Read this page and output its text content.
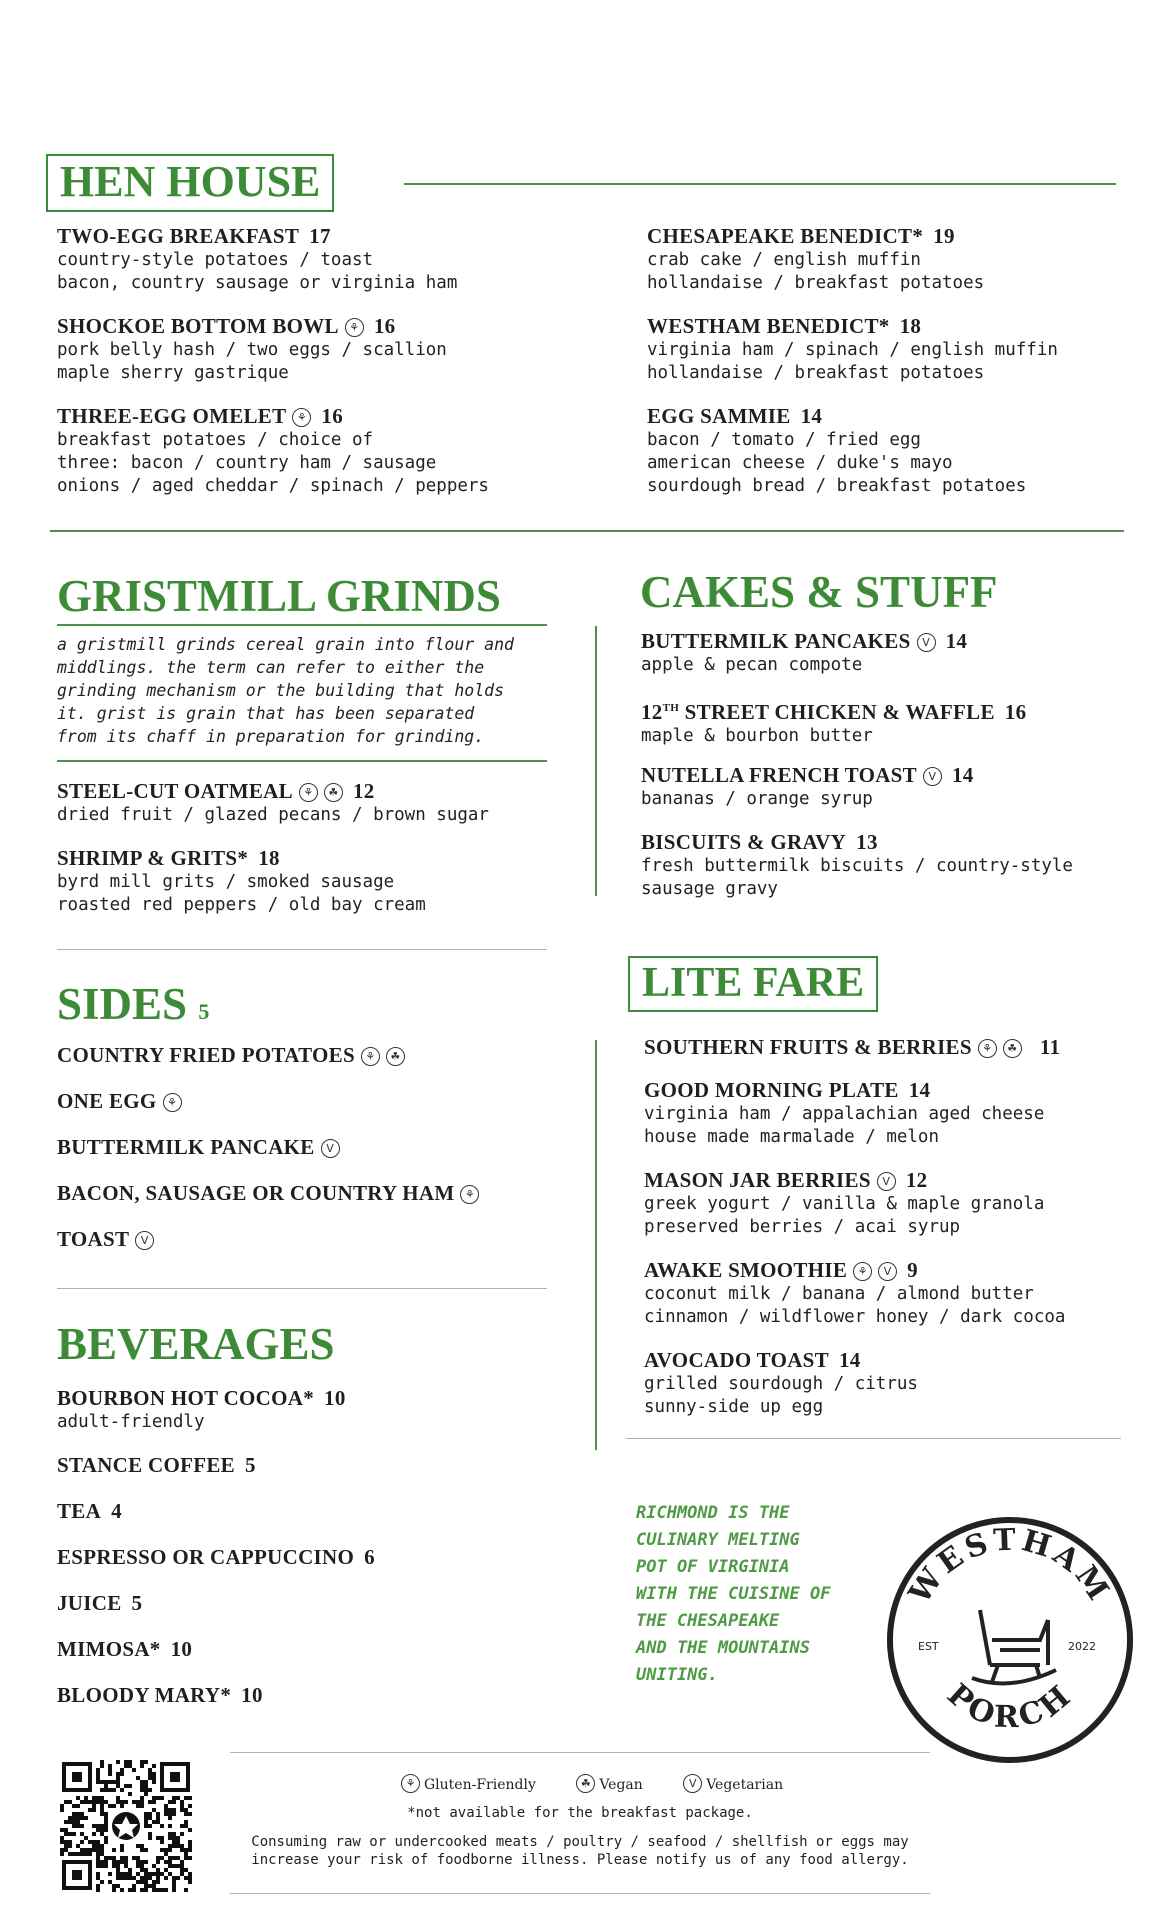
HEN HOUSE
TWO-EGG BREAKFAST 17
country-style potatoes / toast
bacon, country sausage or virginia ham
SHOCKOE BOTTOM BOWL ⚘ 16
pork belly hash / two eggs / scallion
maple sherry gastrique
THREE-EGG OMELET ⚘ 16
breakfast potatoes / choice of
three: bacon / country ham / sausage
onions / aged cheddar / spinach / peppers
CHESAPEAKE BENEDICT* 19
crab cake / english muffin
hollandaise / breakfast potatoes
WESTHAM BENEDICT* 18
virginia ham / spinach / english muffin
hollandaise / breakfast potatoes
EGG SAMMIE 14
bacon / tomato / fried egg
american cheese / duke's mayo
sourdough bread / breakfast potatoes
GRISTMILL GRINDS
a gristmill grinds cereal grain into flour and
middlings. the term can refer to either the
grinding mechanism or the building that holds
it. grist is grain that has been separated
from its chaff in preparation for grinding.
STEEL-CUT OATMEAL ⚘ ☘ 12
dried fruit / glazed pecans / brown sugar
SHRIMP & GRITS* 18
byrd mill grits / smoked sausage
roasted red peppers / old bay cream
CAKES & STUFF
BUTTERMILK PANCAKES V 14
apple & pecan compote
12TH STREET CHICKEN & WAFFLE 16
maple & bourbon butter
NUTELLA FRENCH TOAST V 14
bananas / orange syrup
BISCUITS & GRAVY 13
fresh buttermilk biscuits / country-style
sausage gravy
SIDES 5
COUNTRY FRIED POTATOES ⚘ ☘
ONE EGG ⚘
BUTTERMILK PANCAKE V
BACON, SAUSAGE OR COUNTRY HAM ⚘
TOAST V
BEVERAGES
BOURBON HOT COCOA* 10
adult-friendly
STANCE COFFEE 5
TEA 4
ESPRESSO OR CAPPUCCINO 6
JUICE 5
MIMOSA* 10
BLOODY MARY* 10
LITE FARE
SOUTHERN FRUITS & BERRIES ⚘ ☘ 11
GOOD MORNING PLATE 14
virginia ham / appalachian aged cheese
house made marmalade / melon
MASON JAR BERRIES V 12
greek yogurt / vanilla & maple granola
preserved berries / acai syrup
AWAKE SMOOTHIE ⚘ V 9
coconut milk / banana / almond butter
cinnamon / wildflower honey / dark cocoa
AVOCADO TOAST 14
grilled sourdough / citrus
sunny-side up egg
RICHMOND IS THE
CULINARY MELTING
POT OF VIRGINIA
WITH THE CUISINE OF
THE CHESAPEAKE
AND THE MOUNTAINS
UNITING.
WESTHAM
PORCH
EST	2022
⚘ Gluten-Friendly	☘ Vegan	V Vegetarian
*not available for the breakfast package.
Consuming raw or undercooked meats / poultry / seafood / shellfish or eggs may
increase your risk of foodborne illness. Please notify us of any food allergy.
